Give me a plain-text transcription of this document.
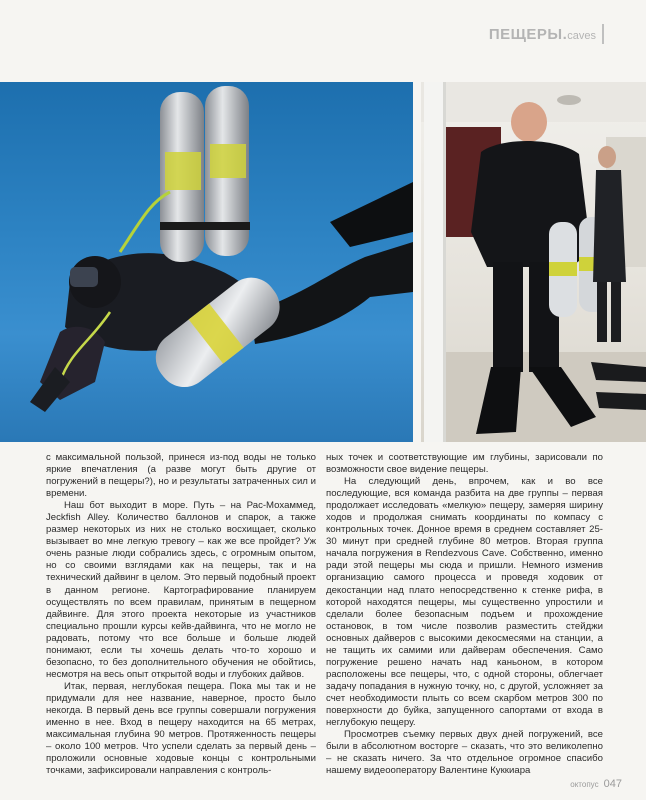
ПЕЩЕРЫ.caves

с максимальной пользой, принеся из-под воды не только яркие впечатления (а разве могут быть другие от погружений в пещеры?), но и результаты затраченных сил и времени.

Наш бот выходит в море. Путь – на Рас-Мохаммед, Jeckfish Alley. Количество баллонов и спарок, а также размер некоторых из них не столько восхищает, сколько вызывает во мне легкую тревогу – как же все пройдет? Уж очень разные люди собрались здесь, с огромным опытом, но со своими взглядами как на пещеры, так и на технический дайвинг в целом. Это первый подобный проект в данном регионе. Картографирование планируем осуществлять по всем правилам, принятым в пещерном дайвинге. Для этого проекта некоторые из участников специально прошли курсы кейв-дайвинга, что не могло не радовать, потому что все больше и больше людей понимают, если ты хочешь делать что-то хорошо и безопасно, то без дополнительного обучения не обойтись, несмотря на весь опыт открытой воды и глубоких дайвов.

Итак, первая, неглубокая пещера. Пока мы так и не придумали для нее название, наверное, просто было некогда. В первый день все группы совершали погружения именно в нее. Вход в пещеру находится на 65 метрах, максимальная глубина 90 метров. Протяженность пещеры – около 100 метров. Что успели сделать за первый день – проложили основные ходовые концы с контрольными точками, зафиксировали направления с контроль-

ных точек и соответствующие им глубины, зарисовали по возможности свое видение пещеры.

На следующий день, впрочем, как и во все последующие, вся команда разбита на две группы – первая продолжает исследовать «мелкую» пещеру, замеряя ширину ходов и продолжая снимать координаты по компасу с контрольных точек. Донное время в среднем составляет 25-30 минут при средней глубине 80 метров. Вторая группа начала погружения в Rendezvous Cave. Собственно, именно ради этой пещеры мы сюда и пришли. Немного изменив организацию самого процесса и проведя ходовик от декостанции над плато непосредственно к стенке рифа, в которой находятся пещеры, мы существенно упростили и сделали более безопасным подъем и прохождение остановок, в том числе позволив разместить стейджи основных дайверов с высокими декосмесями на станции, а не тащить их самими или дайверам обеспечения. Само погружение решено начать над каньоном, в котором расположены все пещеры, что, с одной стороны, облегчает задачу попадания в нужную точку, но, с другой, усложняет за счет необходимости плыть со всем скарбом метров 300 по поверхности до буйка, запущенного сапортами от входа в неглубокую пещеру.

Просмотрев съемку первых двух дней погружений, все были в абсолютном восторге – сказать, что это великолепно – не сказать ничего. За что отдельное огромное спасибо нашему видеооператору Валентине Куккиара

октопус 047
